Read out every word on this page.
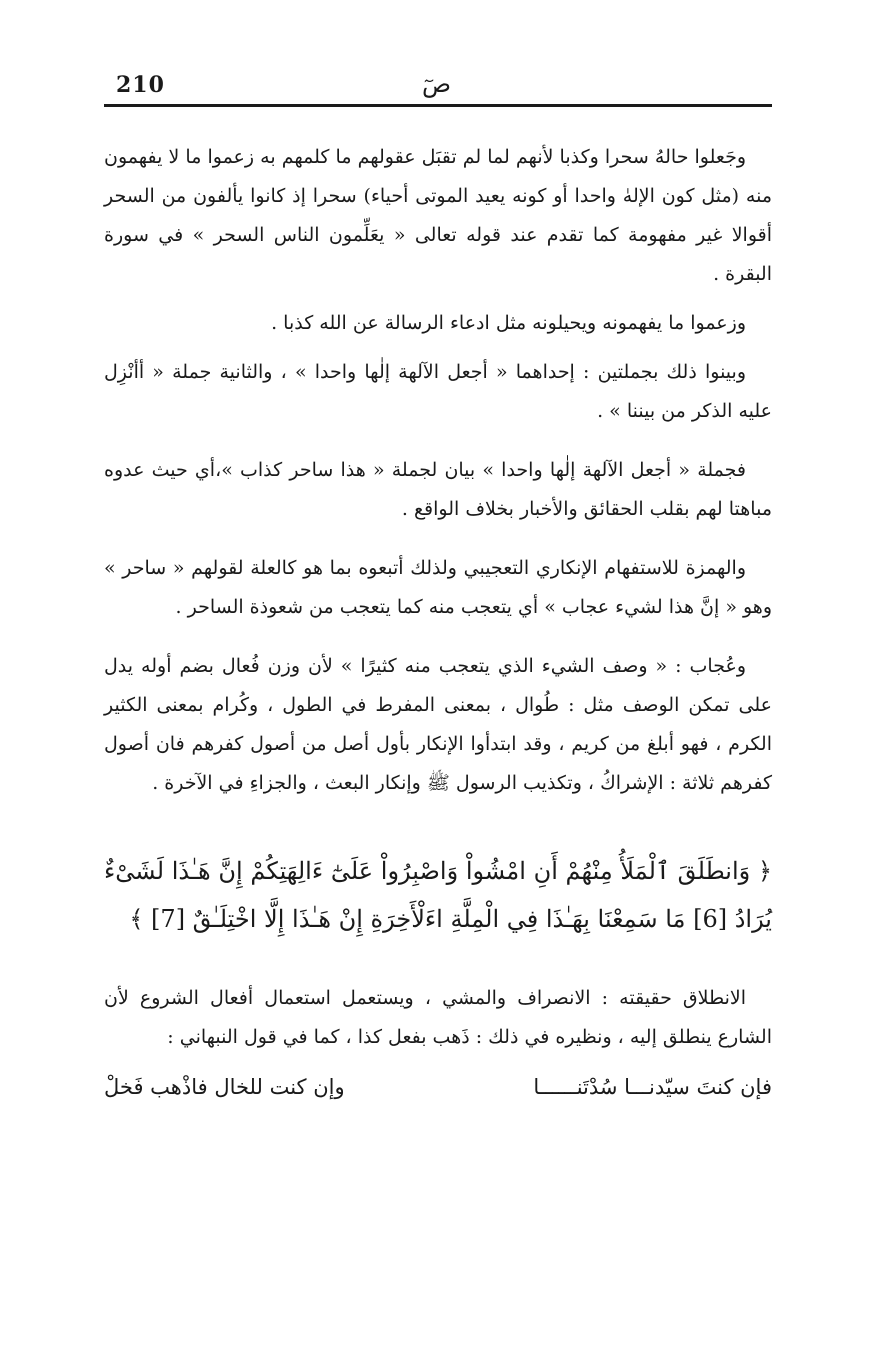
210	صٓ

وجَعلوا حالهُ سحرا وكذبا لأنهم لما لم تقبَل عقولهم ما كلمهم به زعموا ما لا يفهمون منه (مثل كون الإلهٰ واحدا أو كونه يعيد الموتى أحياء) سحرا إذ كانوا يألفون من السحر أقوالا غير مفهومة كما تقدم عند قوله تعالى « يعَلِّمون الناس السحر » في سورة البقرة .

وزعموا ما يفهمونه ويحيلونه مثل ادعاء الرسالة عن الله كذبا .

وبينوا ذلك بجملتين : إحداهما « أجعل الآلهة إلٰها واحدا » ، والثانية جملة « أأنْزِل عليه الذكر من بيننا » .

فجملة « أجعل الآلهة إلٰها واحدا » بيان لجملة « هذا ساحر كذاب »،أي حيث عدوه مباهتا لهم بقلب الحقائق والأخبار بخلاف الواقع .

والهمزة للاستفهام الإنكاري التعجيبي ولذلك أتبعوه بما هو كالعلة لقولهم « ساحر » وهو « إنَّ هذا لشيء عجاب » أي يتعجب منه كما يتعجب من شعوذة الساحر .

وعُجاب : « وصف الشيء الذي يتعجب منه كثيرًا » لأن وزن فُعال بضم أوله يدل على تمكن الوصف مثل : طُوال ، بمعنى المفرط في الطول ، وكُرام بمعنى الكثير الكرم ، فهو أبلغ من كريم ، وقد ابتدأوا الإنكار بأول أصل من أصول كفرهم فان أصول كفرهم ثلاثة : الإشراكُ ، وتكذيب الرسول ﷺ وإنكار البعث ، والجزاءِ في الآخرة .

﴿ وَانطَلَقَ ٱلْمَلَأُ مِنْهُمْ أَنِ امْشُواْ وَاصْبِرُواْ عَلَىٰٓ ءَالِهَتِكُمْ إِنَّ هَـٰذَا لَشَىْءٌ يُرَادُ [6] مَا سَمِعْنَا بِهَـٰذَا فِي الْمِلَّةِ اءَلْأَخِرَةِ إِنْ هَـٰذَا إِلَّا اخْتِلَـٰقٌ [7] ﴾

الانطلاق حقيقته : الانصراف والمشي ، ويستعمل استعمال أفعال الشروع لأن الشارع ينطلق إليه ، ونظيره في ذلك : ذَهب بفعل كذا ، كما في قول النبهاني :

فإن كنتَ سيّدنـــا سُدْتَنــــــا
وإن كنت للخال فاذْهب فَخلْ
